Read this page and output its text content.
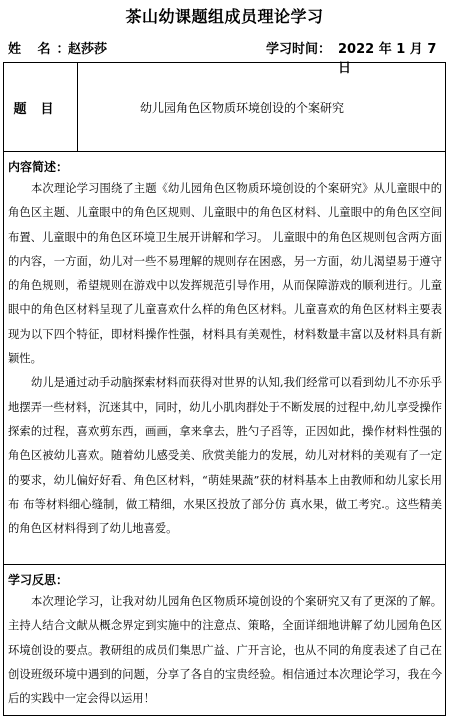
茶山幼课题组成员理论学习
姓 名：
赵莎莎	学习时间： 2022 年 1 月 7 日
题目	幼儿园角色区物质环境创设的个案研究

内容简述：

本次理论学习围绕了主题《幼儿园角色区物质环境创设的个案研究》从儿童眼中的角色区主题、儿童眼中的角色区规则、儿童眼中的角色区材料、儿童眼中的角色区空间布置、儿童眼中的角色区环境卫生展开讲解和学习。 儿童眼中的角色区规则包含两方面的内容，一方面，幼儿对一些不易理解的规则存在困惑，另一方面，幼儿渴望易于遵守的角色规则，希望规则在游戏中以发挥规范引导作用，从而保障游戏的顺利进行。儿童眼中的角色区材料呈现了儿童喜欢什么样的角色区材料。儿童喜欢的角色区材料主要表现为以下四个特征，即材料操作性强，材料具有美观性，材料数量丰富以及材料具有新颖性。

幼儿是通过动手动脑探索材料而获得对世界的认知,我们经常可以看到幼儿不亦乐乎地摆弄一些材料，沉迷其中，同时，幼儿小肌肉群处于不断发展的过程中,幼儿享受操作探索的过程，喜欢剪东西，画画，拿来拿去，胜勺子舀等，正因如此，操作材料性强的角色区被幼儿喜欢。随着幼儿感受美、欣赏美能力的发展，幼儿对材料的美观有了一定的要求，幼儿偏好好看、角色区材料，“萌娃果蔬”获的材料基本上由教师和幼儿家长用布 布等材料细心缝制，做工精细，水果区投放了部分仿 真水果，做工考究.。这些精美的角色区材料得到了幼儿地喜爱。

学习反思：

本次理论学习，让我对幼儿园角色区物质环境创设的个案研究又有了更深的了解。主持人结合文献从概念界定到实施中的注意点、策略，全面详细地讲解了幼儿园角色区环境创设的要点。教研组的成员们集思广益、广开言论，也从不同的角度表述了自己在创设班级环境中遇到的问题，分享了各自的宝贵经验。相信通过本次理论学习，我在今后的实践中一定会得以运用！
